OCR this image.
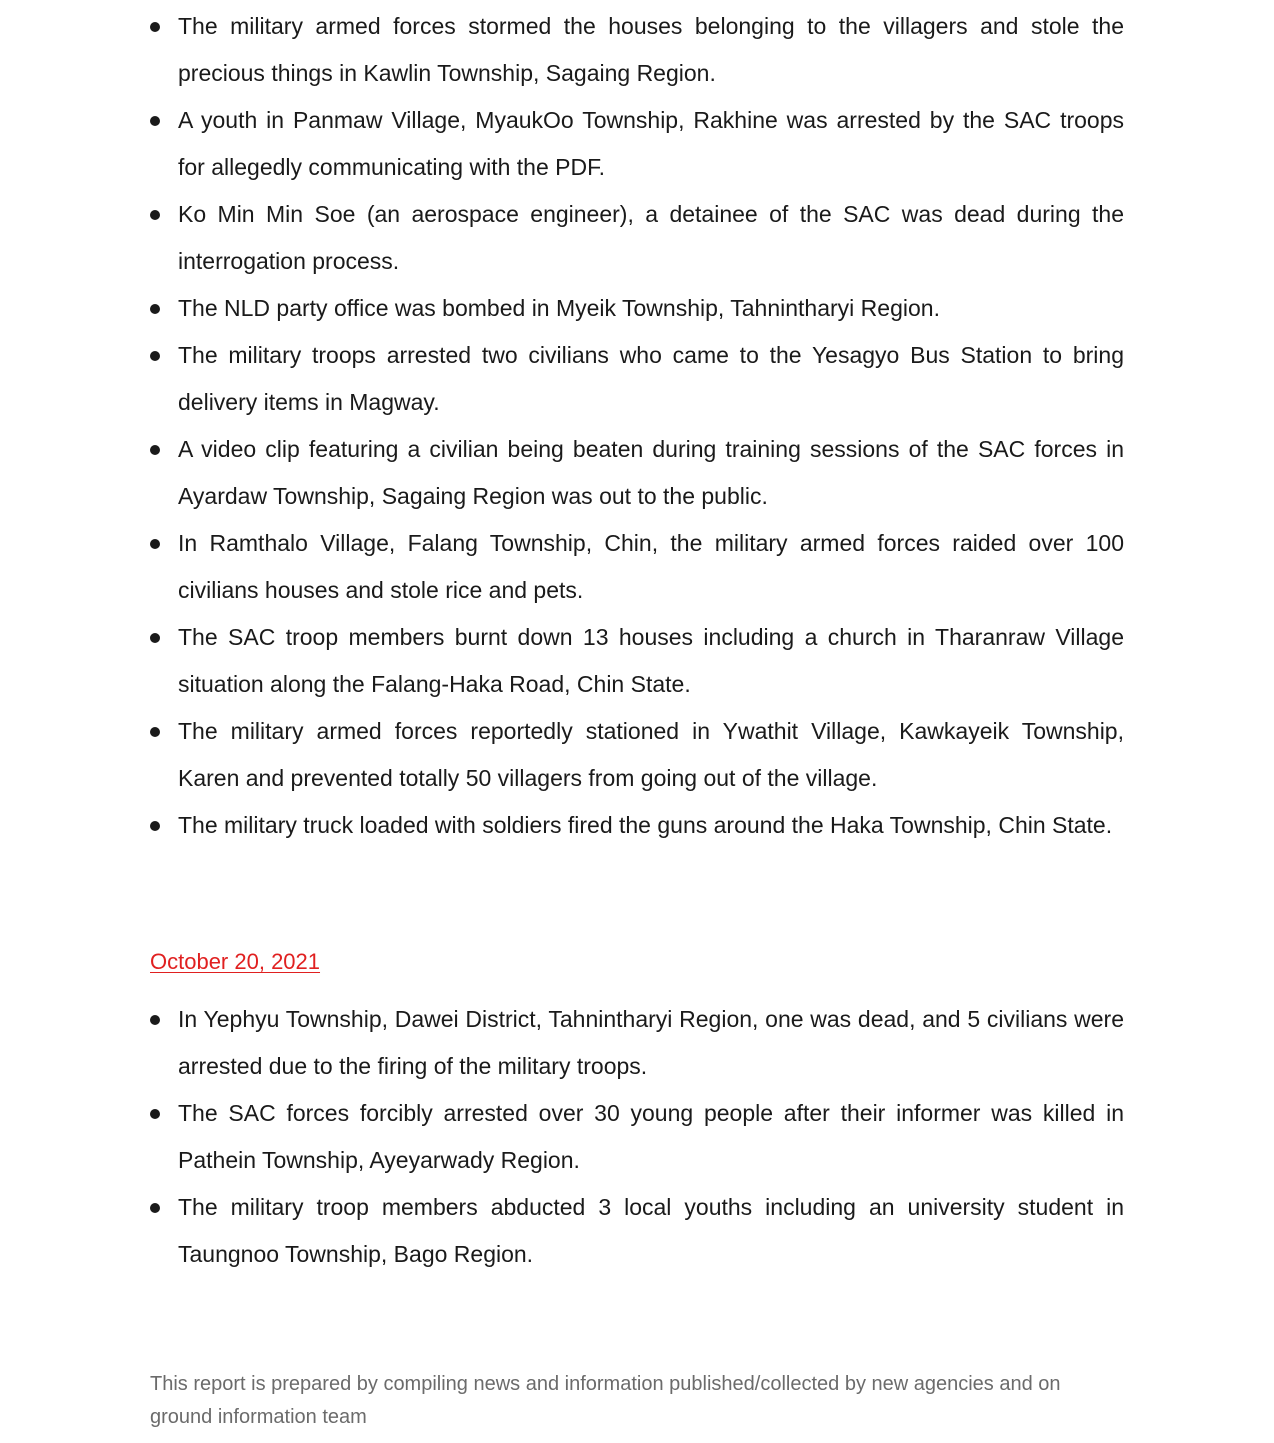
The military armed forces stormed the houses belonging to the villagers and stole the precious things in Kawlin Township, Sagaing Region.
A youth in Panmaw Village, MyaukOo Township, Rakhine was arrested by the SAC troops for allegedly communicating with the PDF.
Ko Min Min Soe (an aerospace engineer), a detainee of the SAC was dead during the interrogation process.
The NLD party office was bombed in Myeik Township, Tahnintharyi Region.
The military troops arrested two civilians who came to the Yesagyo Bus Station to bring delivery items in Magway.
A video clip featuring a civilian being beaten during training sessions of the SAC forces in Ayardaw Township, Sagaing Region was out to the public.
In Ramthalo Village, Falang Township, Chin, the military armed forces raided over 100 civilians houses and stole rice and pets.
The SAC troop members burnt down 13 houses including a church in Tharanraw Village situation along the Falang-Haka Road, Chin State.
The military armed forces reportedly stationed in Ywathit Village, Kawkayeik Township, Karen and prevented totally 50 villagers from going out of the village.
The military truck loaded with soldiers fired the guns around the Haka Township, Chin State.
October 20, 2021
In Yephyu Township, Dawei District, Tahnintharyi Region, one was dead, and 5 civilians were arrested due to the firing of the military troops.
The SAC forces forcibly arrested over 30 young people after their informer was killed in Pathein Township, Ayeyarwady Region.
The military troop members abducted 3 local youths including an university student in Taungnoo Township, Bago Region.
This report is prepared by compiling news and information published/collected by new agencies and on ground information team
